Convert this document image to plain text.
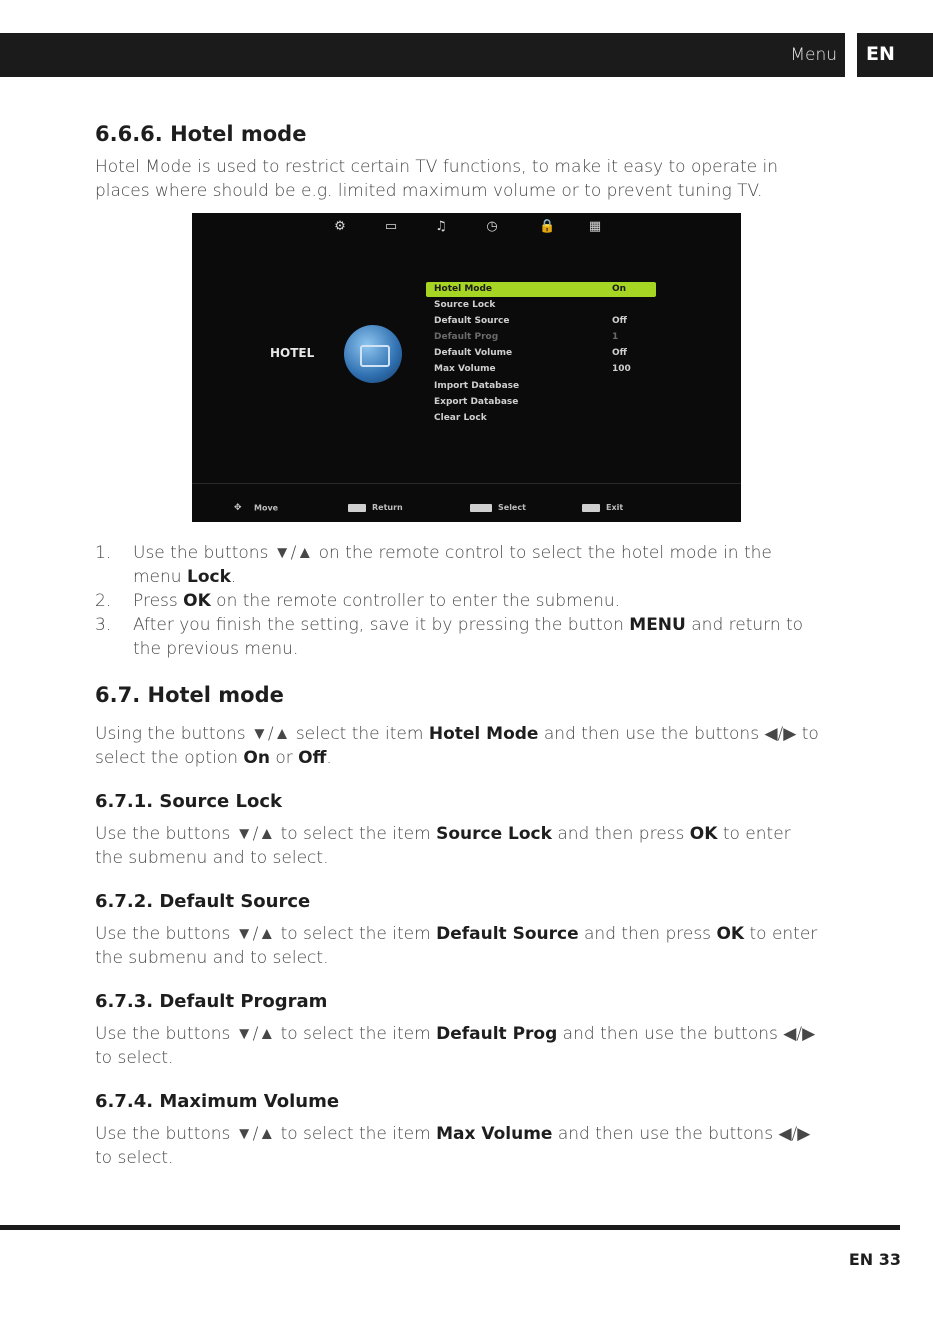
Menu EN
6.6.6. Hotel mode

Hotel Mode is used to restrict certain TV functions, to make it easy to operate in places where should be e.g. limited maximum volume or to prevent tuning TV.

⚙	▭	♫	◷	🔒	▦
HOTEL
Hotel Mode	On
Source Lock
Default Source	Off
Default Prog	1
Default Volume	Off
Max Volume	100
Import Database
Export Database
Clear Lock
✥ Move	Return	Select	Exit
1. Use the buttons ▼/▲ on the remote control to select the hotel mode in the menu Lock.
2. Press OK on the remote controller to enter the submenu.
3. After you finish the setting, save it by pressing the button MENU and return to the previous menu.
6.7. Hotel mode

Using the buttons ▼/▲ select the item Hotel Mode and then use the buttons ◀/▶ to select the option On or Off.

6.7.1. Source Lock

Use the buttons ▼/▲ to select the item Source Lock and then press OK to enter the submenu and to select.

6.7.2. Default Source

Use the buttons ▼/▲ to select the item Default Source and then press OK to enter the submenu and to select.

6.7.3. Default Program

Use the buttons ▼/▲ to select the item Default Prog and then use the buttons ◀/▶ to select.

6.7.4. Maximum Volume

Use the buttons ▼/▲ to select the item Max Volume and then use the buttons ◀/▶ to select.

EN 33
